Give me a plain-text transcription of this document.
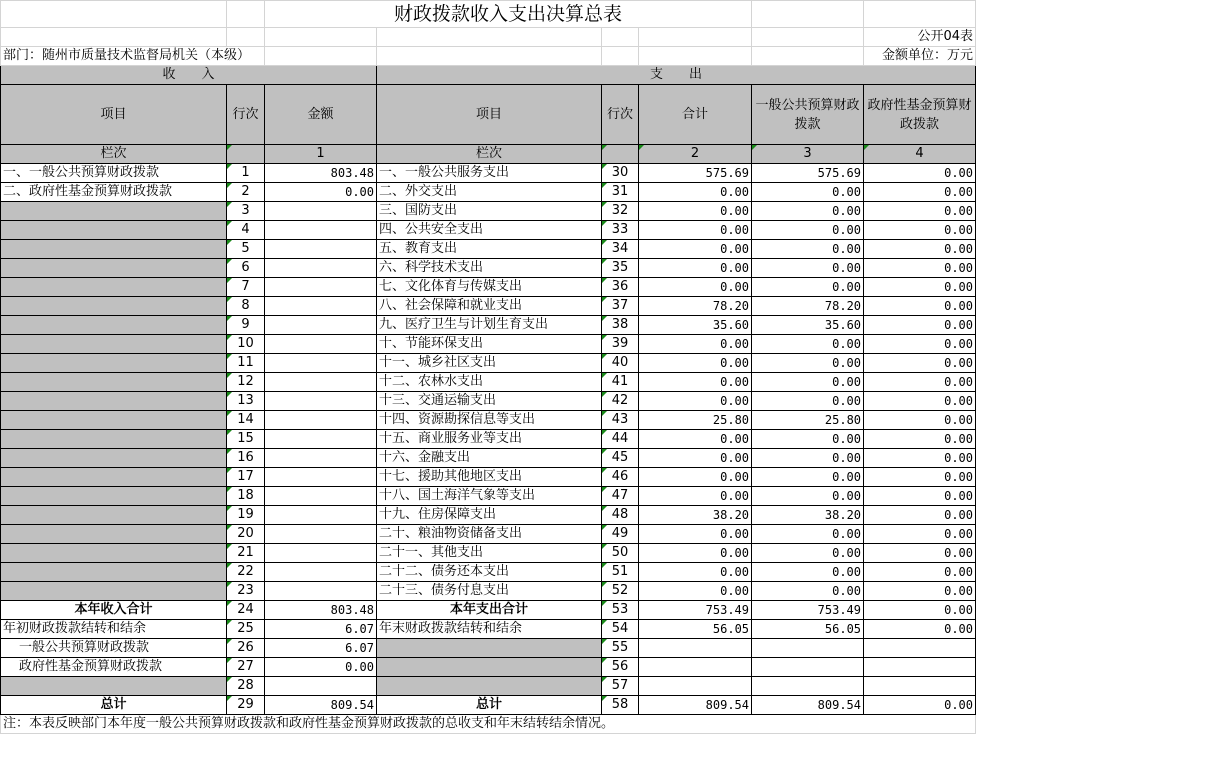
		财政拨款收入支出决算总表					
							公开04表
部门：随州市质量技术监督局机关（本级）							金额单位：万元
收　　入			支　　出				
项目	行次	金额	项目	行次	合计	一般公共预算财政拨款	政府性基金预算财政拨款
栏次		1	栏次		2	3	4
一、一般公共预算财政拨款	1	803.48	一、一般公共服务支出	30	575.69	575.69	0.00
二、政府性基金预算财政拨款	2	0.00	二、外交支出	31	0.00	0.00	0.00
	3		三、国防支出	32	0.00	0.00	0.00
	4		四、公共安全支出	33	0.00	0.00	0.00
	5		五、教育支出	34	0.00	0.00	0.00
	6		六、科学技术支出	35	0.00	0.00	0.00
	7		七、文化体育与传媒支出	36	0.00	0.00	0.00
	8		八、社会保障和就业支出	37	78.20	78.20	0.00
	9		九、医疗卫生与计划生育支出	38	35.60	35.60	0.00
	10		十、节能环保支出	39	0.00	0.00	0.00
	11		十一、城乡社区支出	40	0.00	0.00	0.00
	12		十二、农林水支出	41	0.00	0.00	0.00
	13		十三、交通运输支出	42	0.00	0.00	0.00
	14		十四、资源勘探信息等支出	43	25.80	25.80	0.00
	15		十五、商业服务业等支出	44	0.00	0.00	0.00
	16		十六、金融支出	45	0.00	0.00	0.00
	17		十七、援助其他地区支出	46	0.00	0.00	0.00
	18		十八、国土海洋气象等支出	47	0.00	0.00	0.00
	19		十九、住房保障支出	48	38.20	38.20	0.00
	20		二十、粮油物资储备支出	49	0.00	0.00	0.00
	21		二十一、其他支出	50	0.00	0.00	0.00
	22		二十二、债务还本支出	51	0.00	0.00	0.00
	23		二十三、债务付息支出	52	0.00	0.00	0.00
本年收入合计	24	803.48	本年支出合计	53	753.49	753.49	0.00
年初财政拨款结转和结余	25	6.07	年末财政拨款结转和结余	54	56.05	56.05	0.00
一般公共预算财政拨款	26	6.07		55			
政府性基金预算财政拨款	27	0.00		56			
	28			57			
总计	29	809.54	总计	58	809.54	809.54	0.00
注：本表反映部门本年度一般公共预算财政拨款和政府性基金预算财政拨款的总收支和年末结转结余情况。							
